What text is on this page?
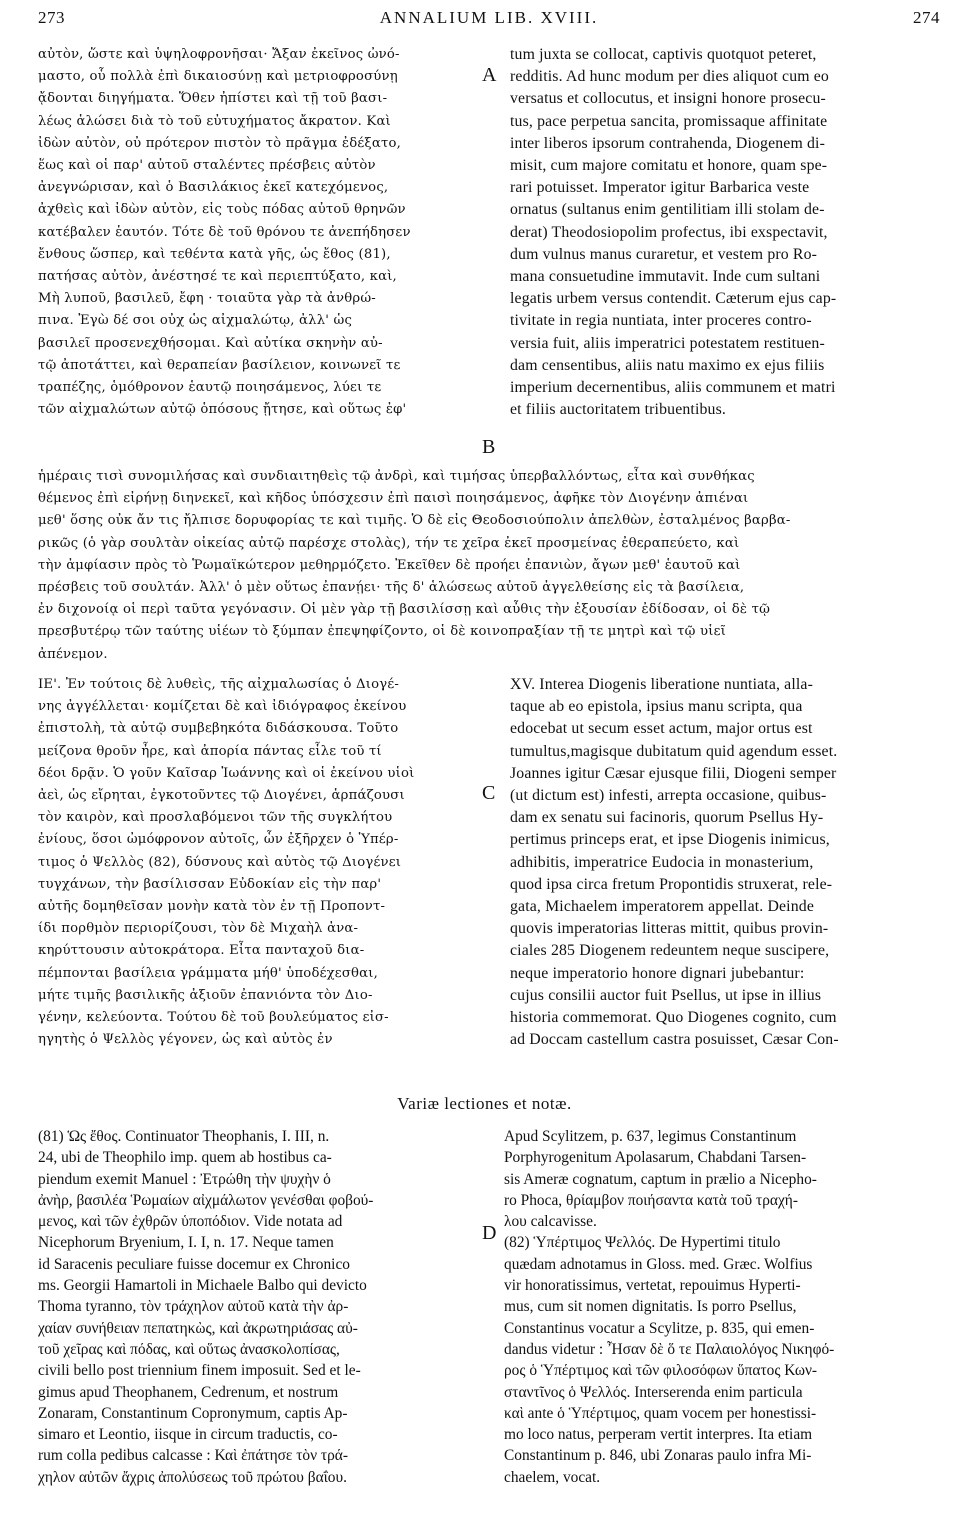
273	ANNALIUM LIB. XVIII.	274
A
B
C
D
αὐτὸν, ὥστε καὶ ὑψηλοφρονῆσαι· Ἄξαν ἐκεῖνος ὠνό-
μαστο, οὗ πολλὰ ἐπὶ δικαιοσύνῃ καὶ μετριοφροσύνῃ
ᾄδονται διηγήματα. Ὅθεν ἠπίστει καὶ τῇ τοῦ βασι-
λέως ἁλώσει διὰ τὸ τοῦ εὐτυχήματος ἄκρατον. Καὶ
ἰδὼν αὐτὸν, οὐ πρότερον πιστὸν τὸ πρᾶγμα ἐδέξατο,
ἕως καὶ οἱ παρ' αὐτοῦ σταλέντες πρέσβεις αὐτὸν
ἀνεγνώρισαν, καὶ ὁ Βασιλάκιος ἐκεῖ κατεχόμενος,
ἀχθεὶς καὶ ἰδὼν αὐτὸν, εἰς τοὺς πόδας αὐτοῦ θρηνῶν
κατέβαλεν ἑαυτόν. Τότε δὲ τοῦ θρόνου τε ἀνεπήδησεν
ἔνθους ὥσπερ, καὶ τεθέντα κατὰ γῆς, ὡς ἔθος (81),
πατήσας αὐτὸν, ἀνέστησέ τε καὶ περιεπτύξατο, καὶ,
Μὴ λυποῦ, βασιλεῦ, ἔφη · τοιαῦτα γὰρ τὰ ἀνθρώ-
πινα. Ἐγὼ δέ σοι οὐχ ὡς αἰχμαλώτῳ, ἀλλ' ὡς
βασιλεῖ προσενεχθήσομαι. Καὶ αὐτίκα σκηνὴν αὐ-
τῷ ἀποτάττει, καὶ θεραπείαν βασίλειον, κοινωνεῖ τε
τραπέζης, ὁμόθρονον ἑαυτῷ ποιησάμενος, λύει τε
τῶν αἰχμαλώτων αὐτῷ ὁπόσους ᾔτησε, καὶ οὕτως ἐφ'
tum juxta se collocat, captivis quotquot peteret,
redditis. Ad hunc modum per dies aliquot cum eo
versatus et collocutus, et insigni honore prosecu-
tus, pace perpetua sancita, promissaque affinitate
inter liberos ipsorum contrahenda, Diogenem di-
misit, cum majore comitatu et honore, quam spe-
rari potuisset. Imperator igitur Barbarica veste
ornatus (sultanus enim gentilitiam illi stolam de-
derat) Theodosiopolim profectus, ibi exspectavit,
dum vulnus manus curaretur, et vestem pro Ro-
mana consuetudine immutavit. Inde cum sultani
legatis urbem versus contendit. Cæterum ejus cap-
tivitate in regia nuntiata, inter proceres contro-
versia fuit, aliis imperatrici potestatem restituen-
dam censentibus, aliis natu maximo ex ejus filiis
imperium decernentibus, aliis communem et matri
et filiis auctoritatem tribuentibus.
ἡμέραις τισὶ συνομιλήσας καὶ συνδιαιτηθεὶς τῷ ἀνδρὶ, καὶ τιμήσας ὑπερβαλλόντως, εἶτα καὶ συνθήκας
θέμενος ἐπὶ εἰρήνῃ διηνεκεῖ, καὶ κῆδος ὑπόσχεσιν ἐπὶ παισὶ ποιησάμενος, ἀφῆκε τὸν Διογένην ἀπιέναι
μεθ' ὅσης οὐκ ἄν τις ἤλπισε δορυφορίας τε καὶ τιμῆς. Ὁ δὲ εἰς Θεοδοσιούπολιν ἀπελθὼν, ἐσταλμένος βαρβα-
ρικῶς (ὁ γὰρ σουλτὰν οἰκείας αὐτῷ παρέσχε στολὰς), τήν τε χεῖρα ἐκεῖ προσμείνας ἐθεραπεύετο, καὶ
τὴν ἀμφίασιν πρὸς τὸ Ῥωμαϊκώτερον μεθηρμόζετο. Ἐκεῖθεν δὲ προήει ἐπανιὼν, ἄγων μεθ' ἑαυτοῦ καὶ
πρέσβεις τοῦ σουλτάν. Ἀλλ' ὁ μὲν οὕτως ἐπανῄει· τῆς δ' ἁλώσεως αὐτοῦ ἀγγελθείσης εἰς τὰ βασίλεια,
ἐν διχονοίᾳ οἱ περὶ ταῦτα γεγόνασιν. Οἱ μὲν γὰρ τῇ βασιλίσσῃ καὶ αὖθις τὴν ἐξουσίαν ἐδίδοσαν, οἱ δὲ τῷ
πρεσβυτέρῳ τῶν ταύτης υἱέων τὸ ξύμπαν ἐπεψηφίζοντο, οἱ δὲ κοινοπραξίαν τῇ τε μητρὶ καὶ τῷ υἱεῖ
ἀπένεμον.
ΙΕ'. Ἐν τούτοις δὲ λυθεὶς, τῆς αἰχμαλωσίας ὁ Διογέ-
νης ἀγγέλλεται· κομίζεται δὲ καὶ ἰδιόγραφος ἐκείνου
ἐπιστολὴ, τὰ αὐτῷ συμβεβηκότα διδάσκουσα. Τοῦτο
μείζονα θροῦν ἦρε, καὶ ἀπορία πάντας εἷλε τοῦ τί
δέοι δρᾷν. Ὁ γοῦν Καῖσαρ Ἰωάννης καὶ οἱ ἐκείνου υἱοὶ
ἀεὶ, ὡς εἴρηται, ἐγκοτοῦντες τῷ Διογένει, ἁρπάζουσι
τὸν καιρὸν, καὶ προσλαβόμενοι τῶν τῆς συγκλήτου
ἐνίους, ὅσοι ὠμόφρονον αὐτοῖς, ὧν ἐξῆρχεν ὁ Ὑπέρ-
τιμος ὁ Ψελλὸς (82), δύσνους καὶ αὐτὸς τῷ Διογένει
τυγχάνων, τὴν βασίλισσαν Εὐδοκίαν εἰς τὴν παρ'
αὐτῆς δομηθεῖσαν μονὴν κατὰ τὸν ἐν τῇ Προποντ-
ίδι πορθμὸν περιορίζουσι, τὸν δὲ Μιχαὴλ ἀνα-
κηρύττουσιν αὐτοκράτορα. Εἶτα πανταχοῦ δια-
πέμπονται βασίλεια γράμματα μήθ' ὑποδέχεσθαι,
μήτε τιμῆς βασιλικῆς ἀξιοῦν ἐπανιόντα τὸν Διο-
γένην, κελεύοντα. Τούτου δὲ τοῦ βουλεύματος εἰσ-
ηγητὴς ὁ Ψελλὸς γέγονεν, ὡς καὶ αὐτὸς ἐν
XV. Interea Diogenis liberatione nuntiata, alla-
taque ab eo epistola, ipsius manu scripta, qua
edocebat ut secum esset actum, major ortus est
tumultus,magisque dubitatum quid agendum esset.
Joannes igitur Cæsar ejusque filii, Diogeni semper
(ut dictum est) infesti, arrepta occasione, quibus-
dam ex senatu sui facinoris, quorum Psellus Hy-
pertimus princeps erat, et ipse Diogenis inimicus,
adhibitis, imperatrice Eudocia in monasterium,
quod ipsa circa fretum Propontidis struxerat, rele-
gata, Michaelem imperatorem appellat. Deinde
quovis imperatorias litteras mittit, quibus provin-
ciales 285 Diogenem redeuntem neque suscipere,
neque imperatorio honore dignari jubebantur:
cujus consilii auctor fuit Psellus, ut ipse in illius
historia commemorat. Quo Diogenes cognito, cum
ad Doccam castellum castra posuisset, Cæsar Con-
Variæ lectiones et notæ.
(81) Ὡς ἔθος. Continuator Theophanis, I. III, n.
24, ubi de Theophilo imp. quem ab hostibus ca-
piendum exemit Manuel : Ἐτρώθη τὴν ψυχὴν ὁ
ἀνὴρ, βασιλέα Ῥωμαίων αἰχμάλωτον γενέσθαι φοβού-
μενος, καὶ τῶν ἐχθρῶν ὑποπόδιον. Vide notata ad
Nicephorum Bryenium, I. I, n. 17. Neque tamen
id Saracenis peculiare fuisse docemur ex Chronico
ms. Georgii Hamartoli in Michaele Balbo qui devicto
Thoma tyranno, τὸν τράχηλον αὐτοῦ κατὰ τὴν ἀρ-
χαίαν συνήθειαν πεπατηκὼς, καὶ ἀκρωτηριάσας αὐ-
τοῦ χεῖρας καὶ πόδας, καὶ οὕτως ἀνασκολοπίσας,
civili bello post triennium finem imposuit. Sed et le-
gimus apud Theophanem, Cedrenum, et nostrum
Zonaram, Constantinum Copronymum, captis Ap-
simaro et Leontio, iisque in circum traductis, co-
rum colla pedibus calcasse : Καὶ ἐπάτησε τὸν τρά-
χηλον αὐτῶν ἄχρις ἀπολύσεως τοῦ πρώτου βαΐου.
Apud Scylitzem, p. 637, legimus Constantinum
Porphyrogenitum Apolasarum, Chabdani Tarsen-
sis Ameræ cognatum, captum in prælio a Nicepho-
ro Phoca, θρίαμβον ποιήσαντα κατὰ τοῦ τραχή-
λου calcavisse.
(82) Ὑπέρτιμος Ψελλός. De Hypertimi titulo
quædam adnotamus in Gloss. med. Græc. Wolfius
vir honoratissimus, vertetat, repouimus Hyperti-
mus, cum sit nomen dignitatis. Is porro Psellus,
Constantinus vocatur a Scylitze, p. 835, qui emen-
dandus videtur : Ἦσαν δὲ ὅ τε Παλαιολόγος Νικηφό-
ρος ὁ Ὑπέρτιμος καὶ τῶν φιλοσόφων ὕπατος Κων-
σταντῖνος ὁ Ψελλός. Interserenda enim particula
καὶ ante ὁ Ὑπέρτιμος, quam vocem per honestissi-
mo loco natus, perperam vertit interpres. Ita etiam
Constantinum p. 846, ubi Zonaras paulo infra Mi-
chaelem, vocat.
